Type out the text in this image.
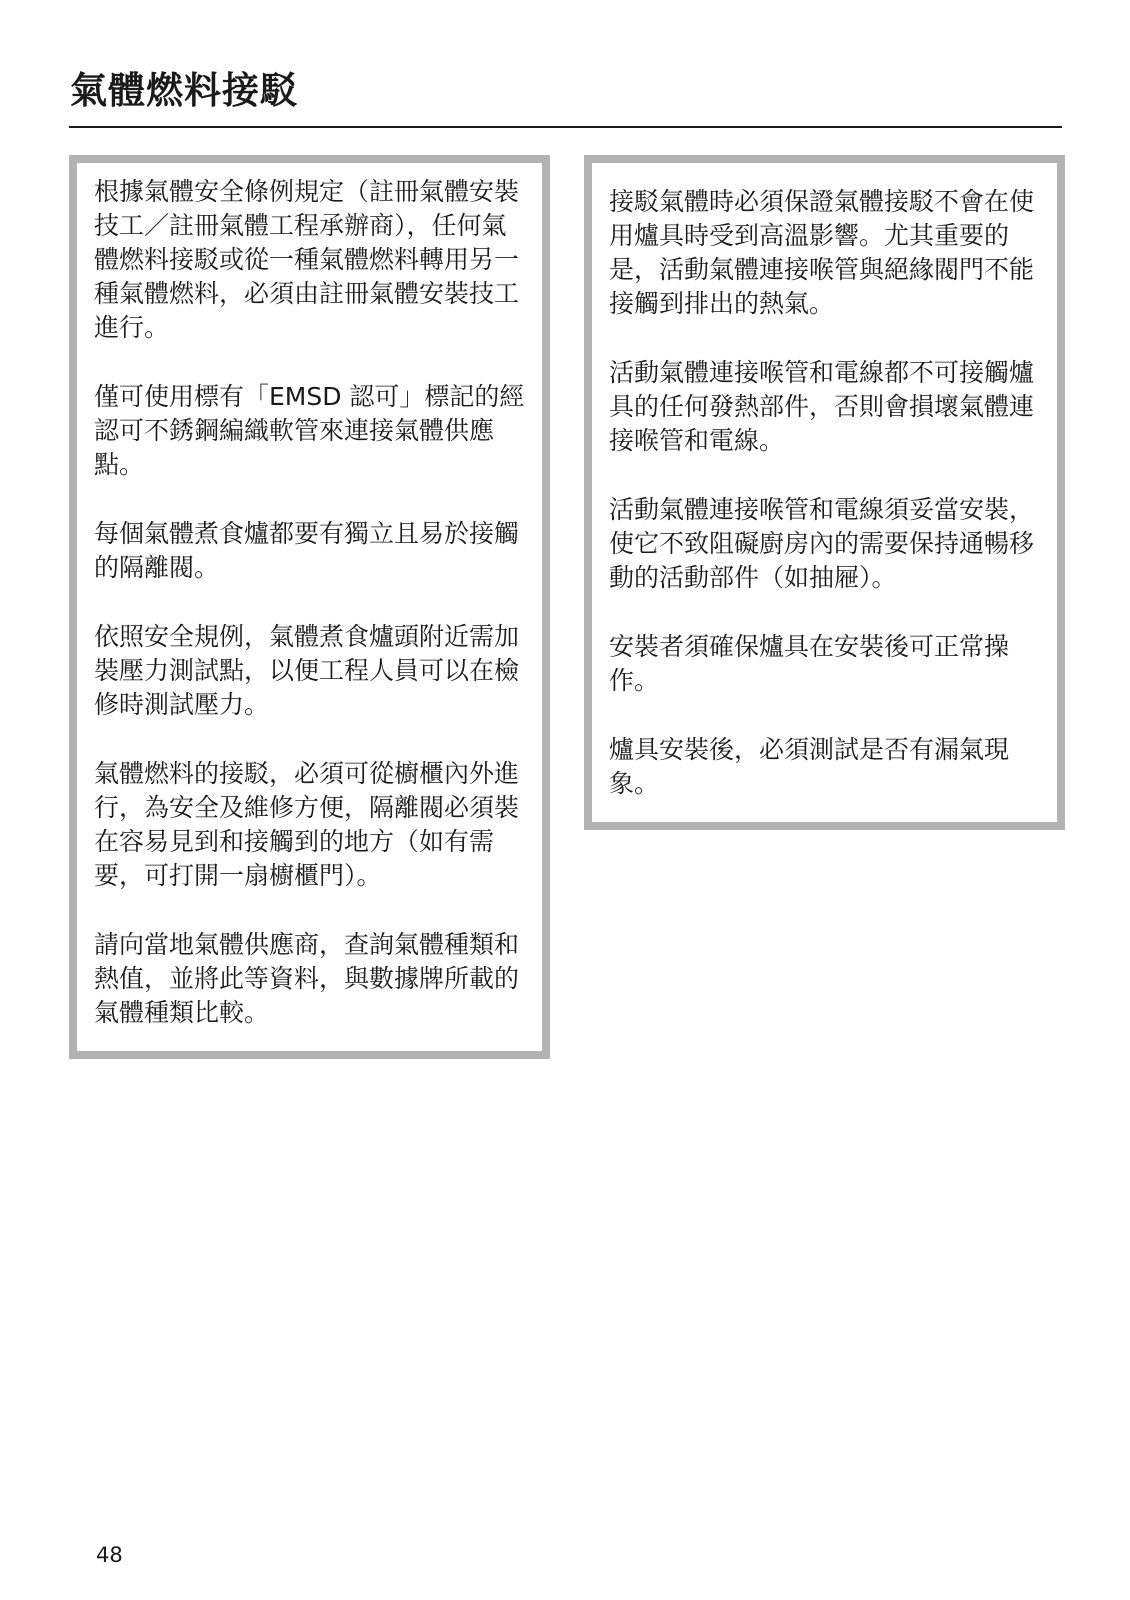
氣體燃料接駁

根據氣體安全條例規定（註冊氣體安裝技工／註冊氣體工程承辦商），任何氣體燃料接駁或從一種氣體燃料轉用另一種氣體燃料，必須由註冊氣體安裝技工進行。

僅可使用標有「EMSD 認可」標記的經認可不銹鋼編織軟管來連接氣體供應點。

每個氣體煮食爐都要有獨立且易於接觸的隔離閥。

依照安全規例，氣體煮食爐頭附近需加裝壓力測試點，以便工程人員可以在檢修時測試壓力。

氣體燃料的接駁，必須可從櫥櫃內外進行，為安全及維修方便，隔離閥必須裝在容易見到和接觸到的地方（如有需要，可打開一扇櫥櫃門）。

請向當地氣體供應商，查詢氣體種類和熱值，並將此等資料，與數據牌所載的氣體種類比較。

接駁氣體時必須保證氣體接駁不會在使用爐具時受到高溫影響。尤其重要的是，活動氣體連接喉管與絕緣閥門不能接觸到排出的熱氣。

活動氣體連接喉管和電線都不可接觸爐具的任何發熱部件，否則會損壞氣體連接喉管和電線。

活動氣體連接喉管和電線須妥當安裝，使它不致阻礙廚房內的需要保持通暢移動的活動部件（如抽屜）。

安裝者須確保爐具在安裝後可正常操作。

爐具安裝後，必須測試是否有漏氣現象。

48
